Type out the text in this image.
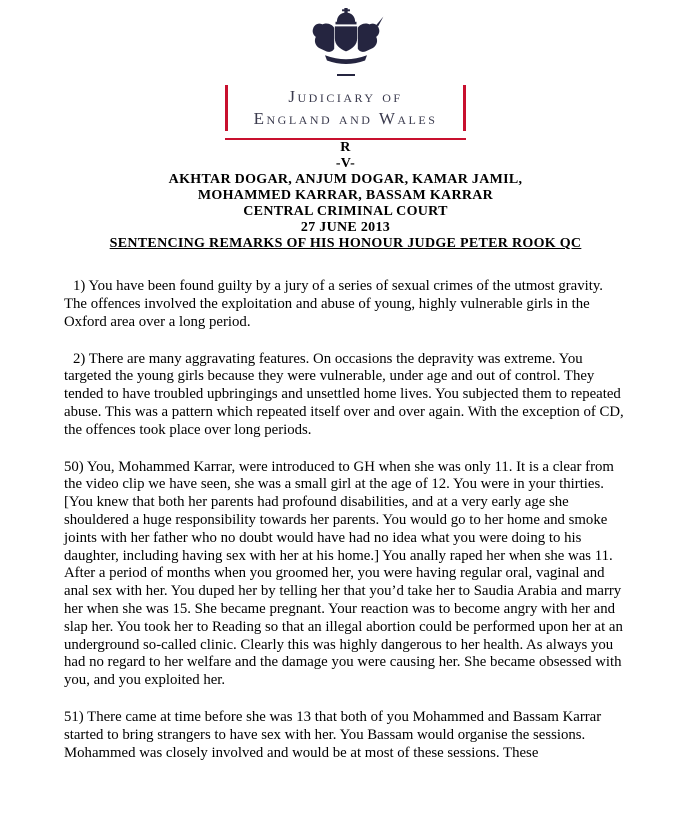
Judiciary of
England and Wales

R

-V-

AKHTAR DOGAR, ANJUM DOGAR, KAMAR JAMIL,

MOHAMMED KARRAR, BASSAM KARRAR

CENTRAL CRIMINAL COURT

27 JUNE 2013

SENTENCING REMARKS OF HIS HONOUR JUDGE PETER ROOK QC

1) You have been found guilty by a jury of a series of sexual crimes of the utmost gravity. The offences involved the exploitation and abuse of young, highly vulnerable girls in the Oxford area over a long period.

2) There are many aggravating features. On occasions the depravity was extreme. You targeted the young girls because they were vulnerable, under age and out of control. They tended to have troubled upbringings and unsettled home lives. You subjected them to repeated abuse. This was a pattern which repeated itself over and over again. With the exception of CD, the offences took place over long periods.

50) You, Mohammed Karrar, were introduced to GH when she was only 11. It is a clear from the video clip we have seen, she was a small girl at the age of 12. You were in your thirties. [You knew that both her parents had profound disabilities, and at a very early age she shouldered a huge responsibility towards her parents. You would go to her home and smoke joints with her father who no doubt would have had no idea what you were doing to his daughter, including having sex with her at his home.] You anally raped her when she was 11. After a period of months when you groomed her, you were having regular oral, vaginal and anal sex with her. You duped her by telling her that you’d take her to Saudia Arabia and marry her when she was 15. She became pregnant. Your reaction was to become angry with her and slap her. You took her to Reading so that an illegal abortion could be performed upon her at an underground so-called clinic. Clearly this was highly dangerous to her health. As always you had no regard to her welfare and the damage you were causing her. She became obsessed with you, and you exploited her.

51) There came at time before she was 13 that both of you Mohammed and Bassam Karrar started to bring strangers to have sex with her. You Bassam would organise the sessions. Mohammed was closely involved and would be at most of these sessions. These
